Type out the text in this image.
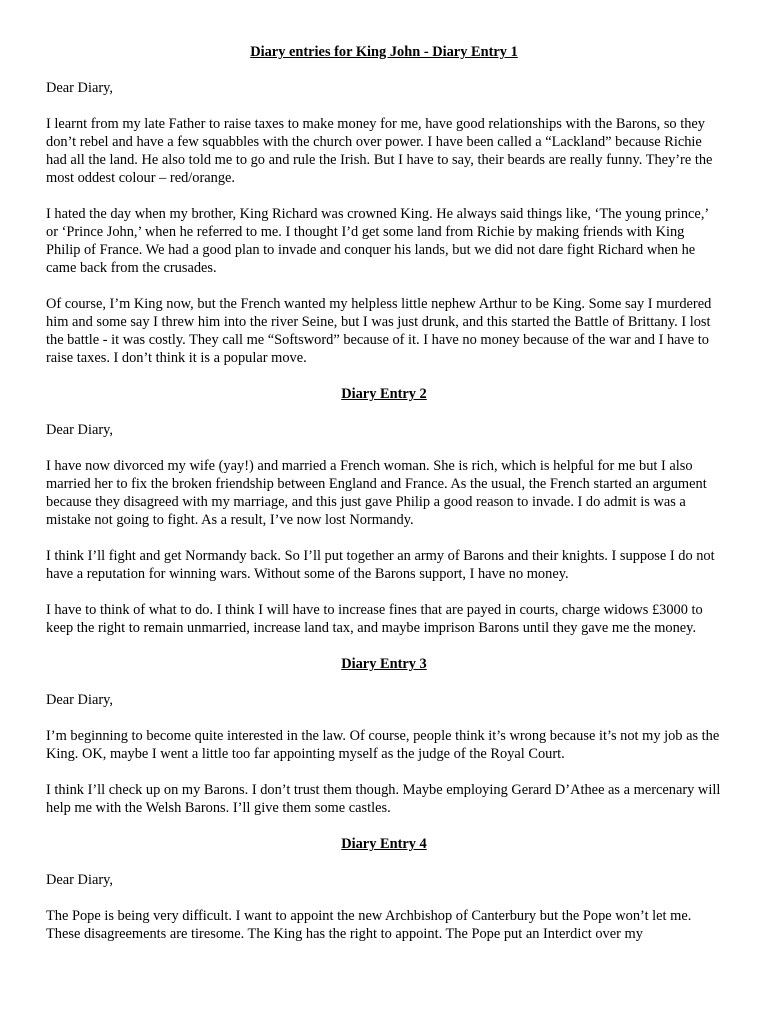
Diary entries for King John - Diary Entry 1
Dear Diary,

I learnt from my late Father to raise taxes to make money for me, have good relationships with the Barons, so they don’t rebel and have a few squabbles with the church over power. I have been called a “Lackland” because Richie had all the land. He also told me to go and rule the Irish. But I have to say, their beards are really funny. They’re the most oddest colour – red/orange.

I hated the day when my brother, King Richard was crowned King. He always said things like, ‘The young prince,’ or ‘Prince John,’ when he referred to me. I thought I’d get some land from Richie by making friends with King Philip of France. We had a good plan to invade and conquer his lands, but we did not dare fight Richard when he came back from the crusades.

Of course, I’m King now, but the French wanted my helpless little nephew Arthur to be King. Some say I murdered him and some say I threw him into the river Seine, but I was just drunk, and this started the Battle of Brittany. I lost the battle - it was costly. They call me “Softsword” because of it. I have no money because of the war and I have to raise taxes. I don’t think it is a popular move.

Diary Entry 2
Dear Diary,

I have now divorced my wife (yay!) and married a French woman. She is rich, which is helpful for me but I also married her to fix the broken friendship between England and France. As the usual, the French started an argument because they disagreed with my marriage, and this just gave Philip a good reason to invade. I do admit is was a mistake not going to fight. As a result, I’ve now lost Normandy.

I think I’ll fight and get Normandy back. So I’ll put together an army of Barons and their knights. I suppose I do not have a reputation for winning wars. Without some of the Barons support, I have no money.

I have to think of what to do. I think I will have to increase fines that are payed in courts, charge widows £3000 to keep the right to remain unmarried, increase land tax, and maybe imprison Barons until they gave me the money.

Diary Entry 3
Dear Diary,

I’m beginning to become quite interested in the law. Of course, people think it’s wrong because it’s not my job as the King. OK, maybe I went a little too far appointing myself as the judge of the Royal Court.

I think I’ll check up on my Barons. I don’t trust them though. Maybe employing Gerard D’Athee as a mercenary will help me with the Welsh Barons. I’ll give them some castles.

Diary Entry 4
Dear Diary,

The Pope is being very difficult. I want to appoint the new Archbishop of Canterbury but the Pope won’t let me. These disagreements are tiresome. The King has the right to appoint. The Pope put an Interdict over my
